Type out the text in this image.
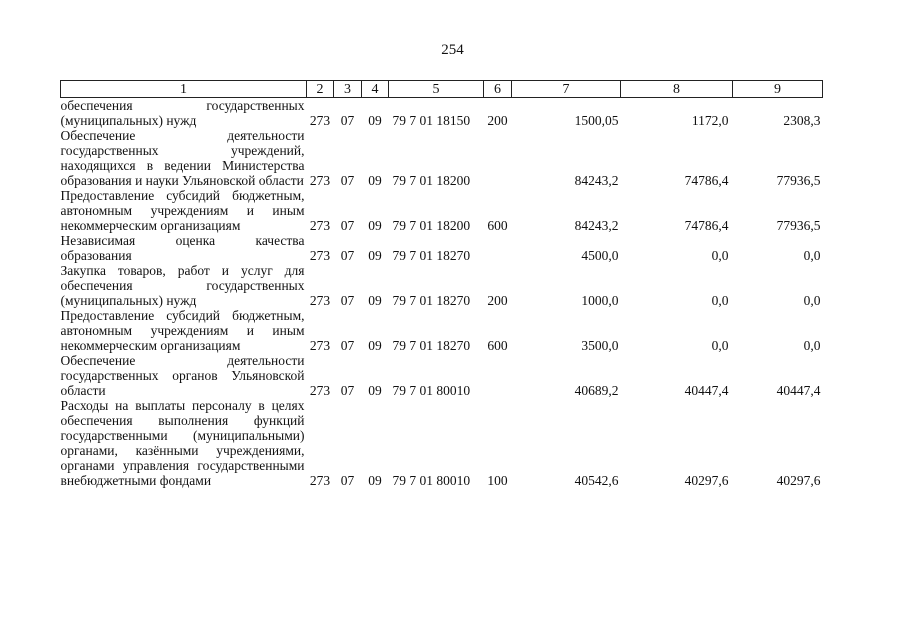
254
1	2	3	4	5	6	7	8	9
обеспечения государственных (муниципальных) нужд	273	07	09	79 7 01 18150	200	1500,05	1172,0	2308,3
Обеспечение деятельности государственных учреждений, находящихся в ведении Министерства образования и науки Ульяновской области	273	07	09	79 7 01 18200		84243,2	74786,4	77936,5
Предоставление субсидий бюджетным, автономным учреждениям и иным некоммерческим организациям	273	07	09	79 7 01 18200	600	84243,2	74786,4	77936,5
Независимая оценка качества образования	273	07	09	79 7 01 18270		4500,0	0,0	0,0
Закупка товаров, работ и услуг для обеспечения государственных (муниципальных) нужд	273	07	09	79 7 01 18270	200	1000,0	0,0	0,0
Предоставление субсидий бюджетным, автономным учреждениям и иным некоммерческим организациям	273	07	09	79 7 01 18270	600	3500,0	0,0	0,0
Обеспечение деятельности государственных органов Ульяновской области	273	07	09	79 7 01 80010		40689,2	40447,4	40447,4
Расходы на выплаты персоналу в целях обеспечения выполнения функций государственными (муниципальными) органами, казёнными учреждениями, органами управления государственными внебюджетными фондами	273	07	09	79 7 01 80010	100	40542,6	40297,6	40297,6
